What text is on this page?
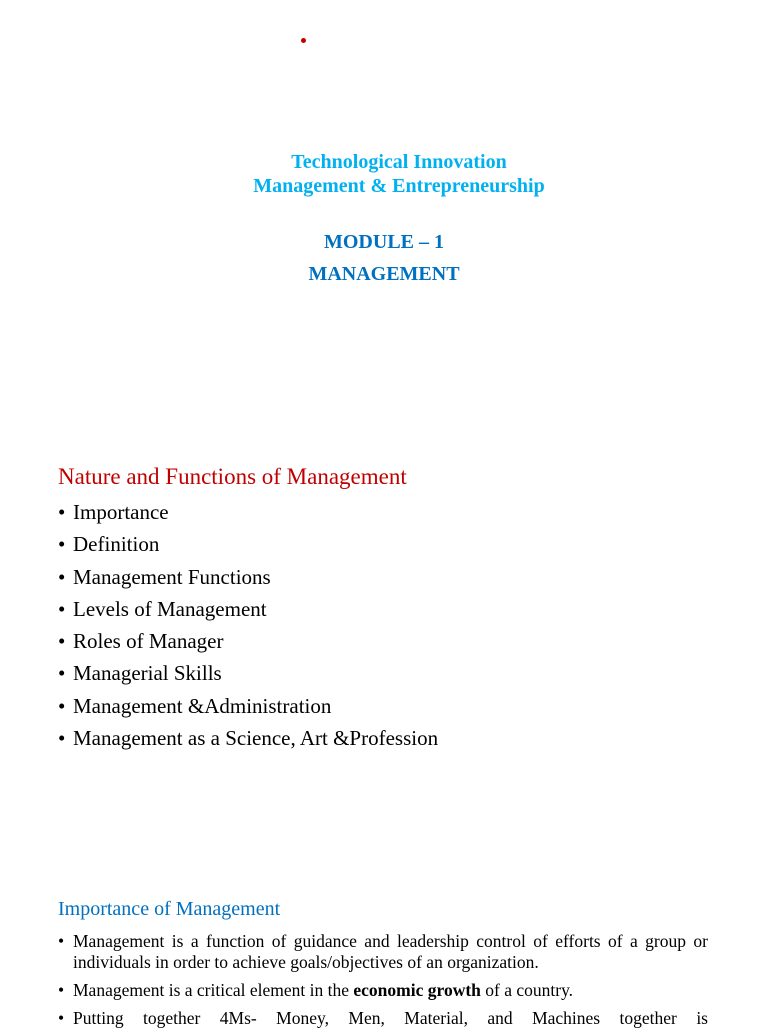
Technological Innovation
Management & Entrepreneurship
MODULE – 1
MANAGEMENT
Nature and Functions of Management
• Importance
• Definition
• Management Functions
• Levels of Management
• Roles of Manager
• Managerial Skills
• Management &Administration
• Management as a Science, Art &Profession
Importance of Management
• Management is a function of guidance and leadership control of efforts of a group or individuals in order to achieve goals/objectives of an organization.
• Management is a critical element in the economic growth of a country.
• Putting together 4Ms- Money, Men, Material, and Machines together is
